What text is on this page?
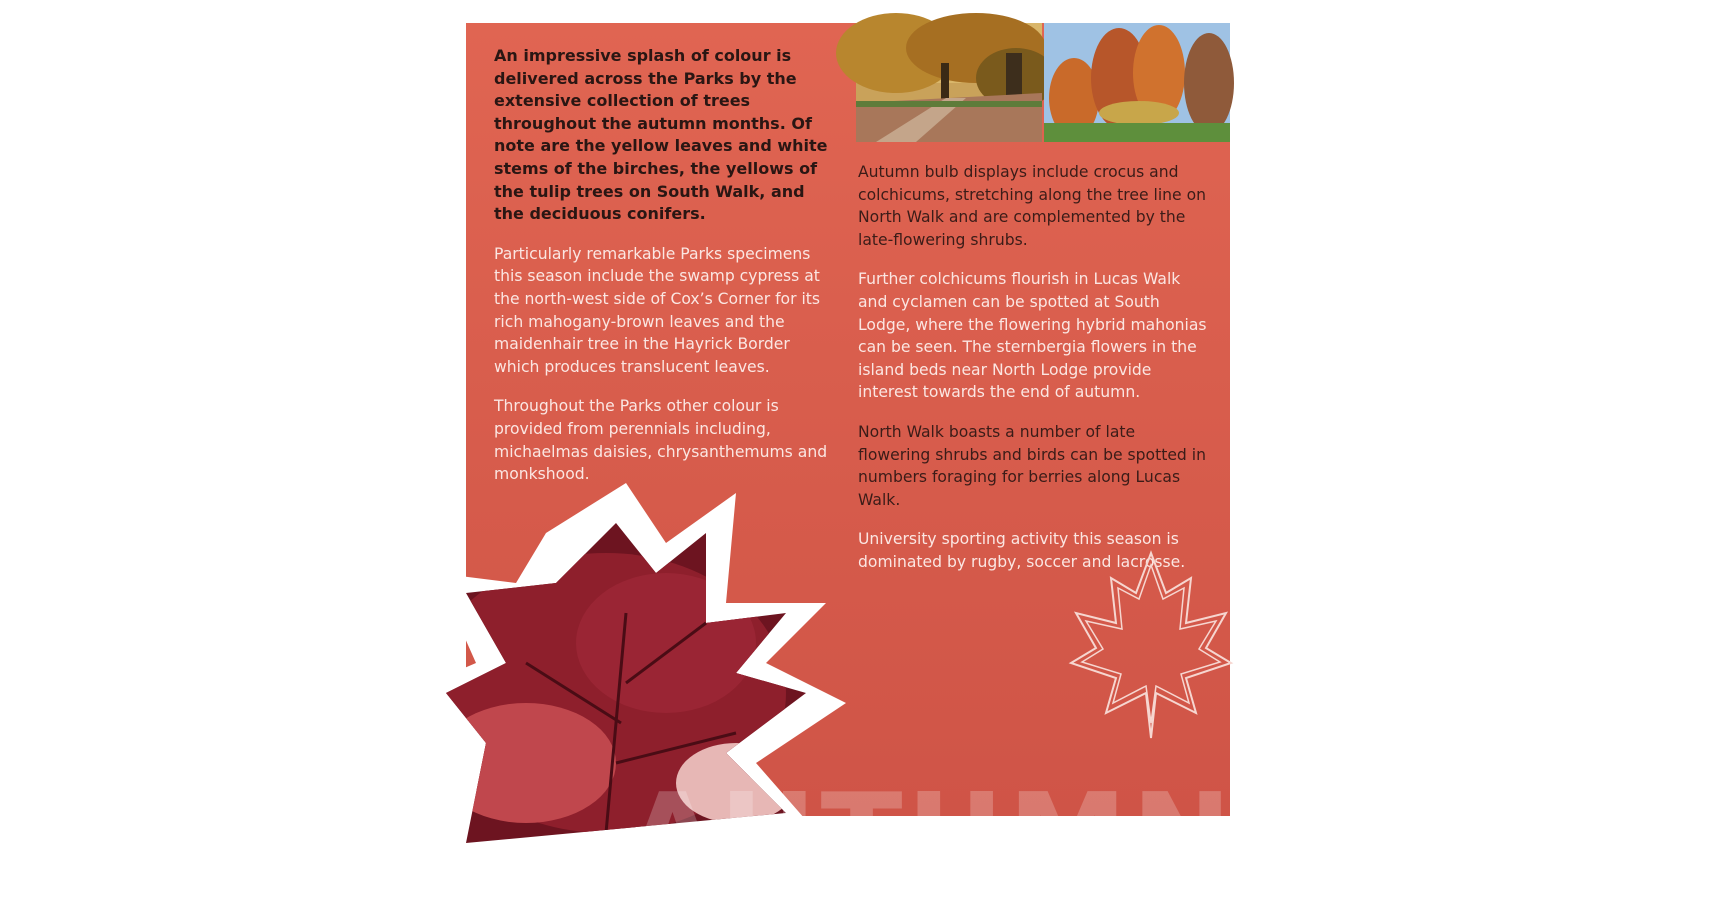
An impressive splash of colour is delivered across the Parks by the extensive collection of trees throughout the autumn months. Of note are the yellow leaves and white stems of the birches, the yellows of the tulip trees on South Walk, and the deciduous conifers.

Particularly remarkable Parks specimens this season include the swamp cypress at the north-west side of Cox’s Corner for its rich mahogany-brown leaves and the maidenhair tree in the Hayrick Border which produces translucent leaves.

Throughout the Parks other colour is provided from perennials including, michaelmas daisies, chrysanthemums and monkshood.

Autumn bulb displays include crocus and colchicums, stretching along the tree line on North Walk and are complemented by the late-flowering shrubs.

Further colchicums flourish in Lucas Walk and cyclamen can be spotted at South Lodge, where the flowering hybrid mahonias can be seen. The sternbergia flowers in the island beds near North Lodge provide interest towards the end of autumn.

North Walk boasts a number of late flowering shrubs and birds can be spotted in numbers foraging for berries along Lucas Walk.

University sporting activity this season is dominated by rugby, soccer and lacrosse.

AUTUMN
